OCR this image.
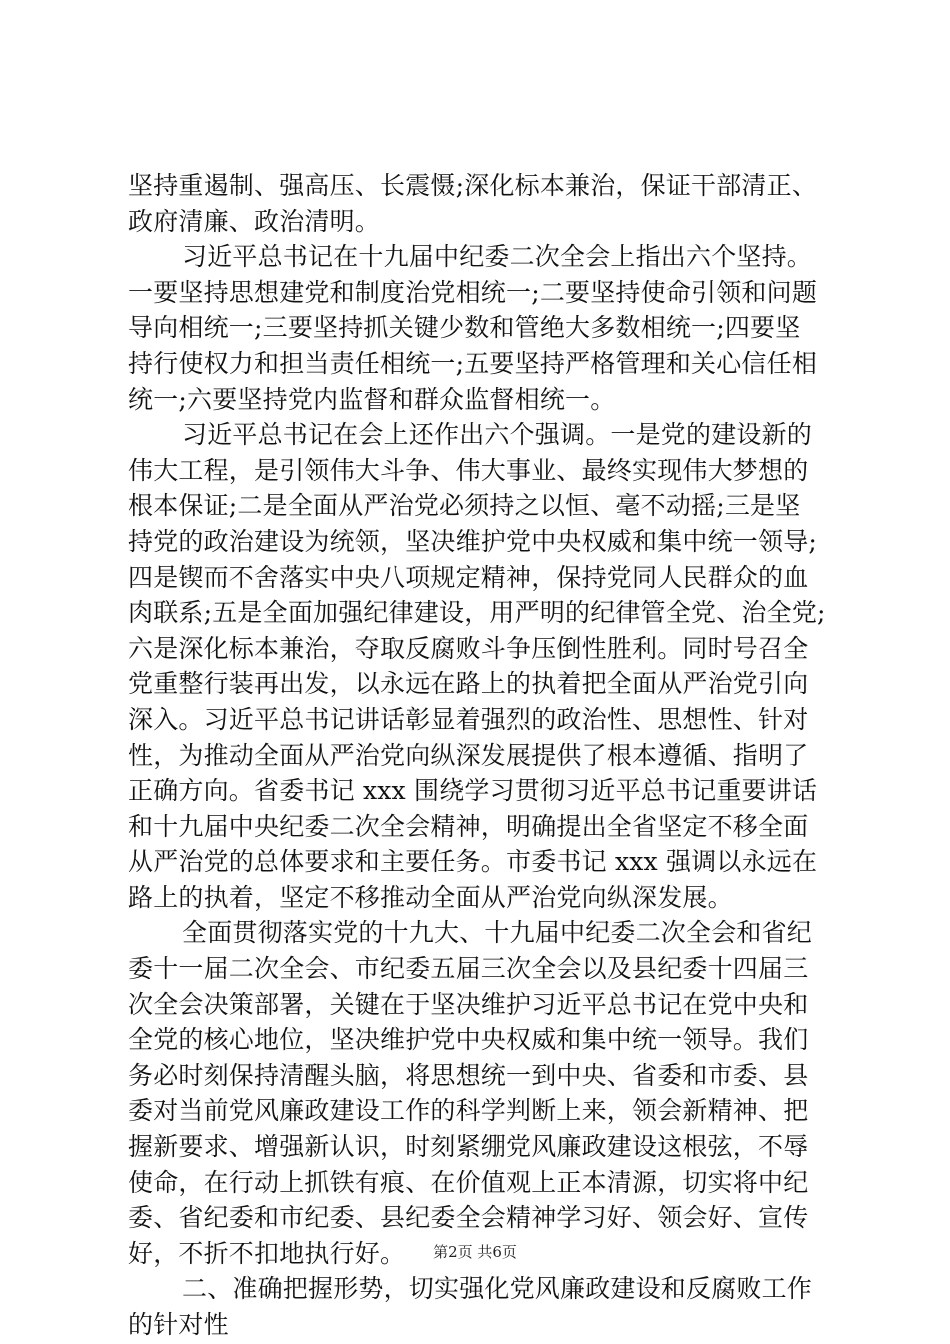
坚持重遏制、强高压、长震慑;深化标本兼治，保证干部清正、
政府清廉、政治清明。
习近平总书记在十九届中纪委二次全会上指出六个坚持。
一要坚持思想建党和制度治党相统一;二要坚持使命引领和问题
导向相统一;三要坚持抓关键少数和管绝大多数相统一;四要坚
持行使权力和担当责任相统一;五要坚持严格管理和关心信任相
统一;六要坚持党内监督和群众监督相统一。
习近平总书记在会上还作出六个强调。一是党的建设新的
伟大工程，是引领伟大斗争、伟大事业、最终实现伟大梦想的
根本保证;二是全面从严治党必须持之以恒、毫不动摇;三是坚
持党的政治建设为统领，坚决维护党中央权威和集中统一领导;
四是锲而不舍落实中央八项规定精神，保持党同人民群众的血
肉联系;五是全面加强纪律建设，用严明的纪律管全党、治全党;
六是深化标本兼治，夺取反腐败斗争压倒性胜利。同时号召全
党重整行装再出发，以永远在路上的执着把全面从严治党引向
深入。习近平总书记讲话彰显着强烈的政治性、思想性、针对
性，为推动全面从严治党向纵深发展提供了根本遵循、指明了
正确方向。省委书记 xxx 围绕学习贯彻习近平总书记重要讲话
和十九届中央纪委二次全会精神，明确提出全省坚定不移全面
从严治党的总体要求和主要任务。市委书记 xxx 强调以永远在
路上的执着，坚定不移推动全面从严治党向纵深发展。
全面贯彻落实党的十九大、十九届中纪委二次全会和省纪
委十一届二次全会、市纪委五届三次全会以及县纪委十四届三
次全会决策部署，关键在于坚决维护习近平总书记在党中央和
全党的核心地位，坚决维护党中央权威和集中统一领导。我们
务必时刻保持清醒头脑，将思想统一到中央、省委和市委、县
委对当前党风廉政建设工作的科学判断上来，领会新精神、把
握新要求、增强新认识，时刻紧绷党风廉政建设这根弦，不辱
使命，在行动上抓铁有痕、在价值观上正本清源，切实将中纪
委、省纪委和市纪委、县纪委全会精神学习好、领会好、宣传
好，不折不扣地执行好。
二、准确把握形势，切实强化党风廉政建设和反腐败工作
的针对性
第2页 共6页
